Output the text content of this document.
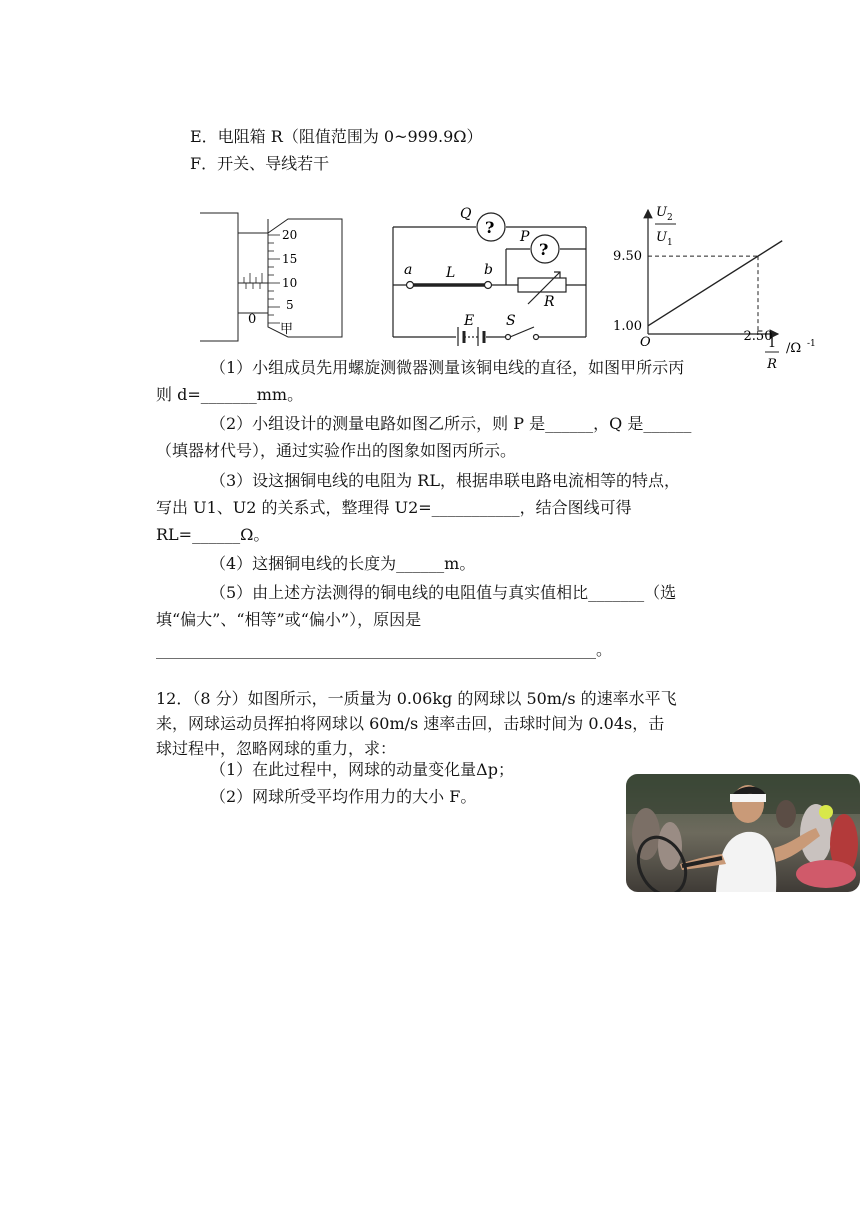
E．电阻箱 R（阻值范围为 0~999.9Ω）
F．开关、导线若干
20
15
10
5
0
甲
?
?
Q
P
a L b
R
E S
U 2
U 1
9.50
1.00
2.50
O	1
R
/Ω -1
（1）小组成员先用螺旋测微器测量该铜电线的直径，如图甲所示丙
则 d=_______mm。
（2）小组设计的测量电路如图乙所示，则 P 是______，Q 是______
（填器材代号），通过实验作出的图象如图丙所示。
（3）设这捆铜电线的电阻为 RL，根据串联电路电流相等的特点，
写出 U1、U2 的关系式，整理得 U2=___________，结合图线可得
RL=______Ω。
（4）这捆铜电线的长度为______m。
（5）由上述方法测得的铜电线的电阻值与真实值相比_______（选
填“偏大”、“相等”或“偏小”），原因是
_______________________________________________________。
12．（8 分）如图所示，一质量为 0.06kg 的网球以 50m/s 的速率水平飞
来，网球运动员挥拍将网球以 60m/s 速率击回，击球时间为 0.04s，击
球过程中，忽略网球的重力，求：
（1）在此过程中，网球的动量变化量Δp；
（2）网球所受平均作用力的大小 F。
